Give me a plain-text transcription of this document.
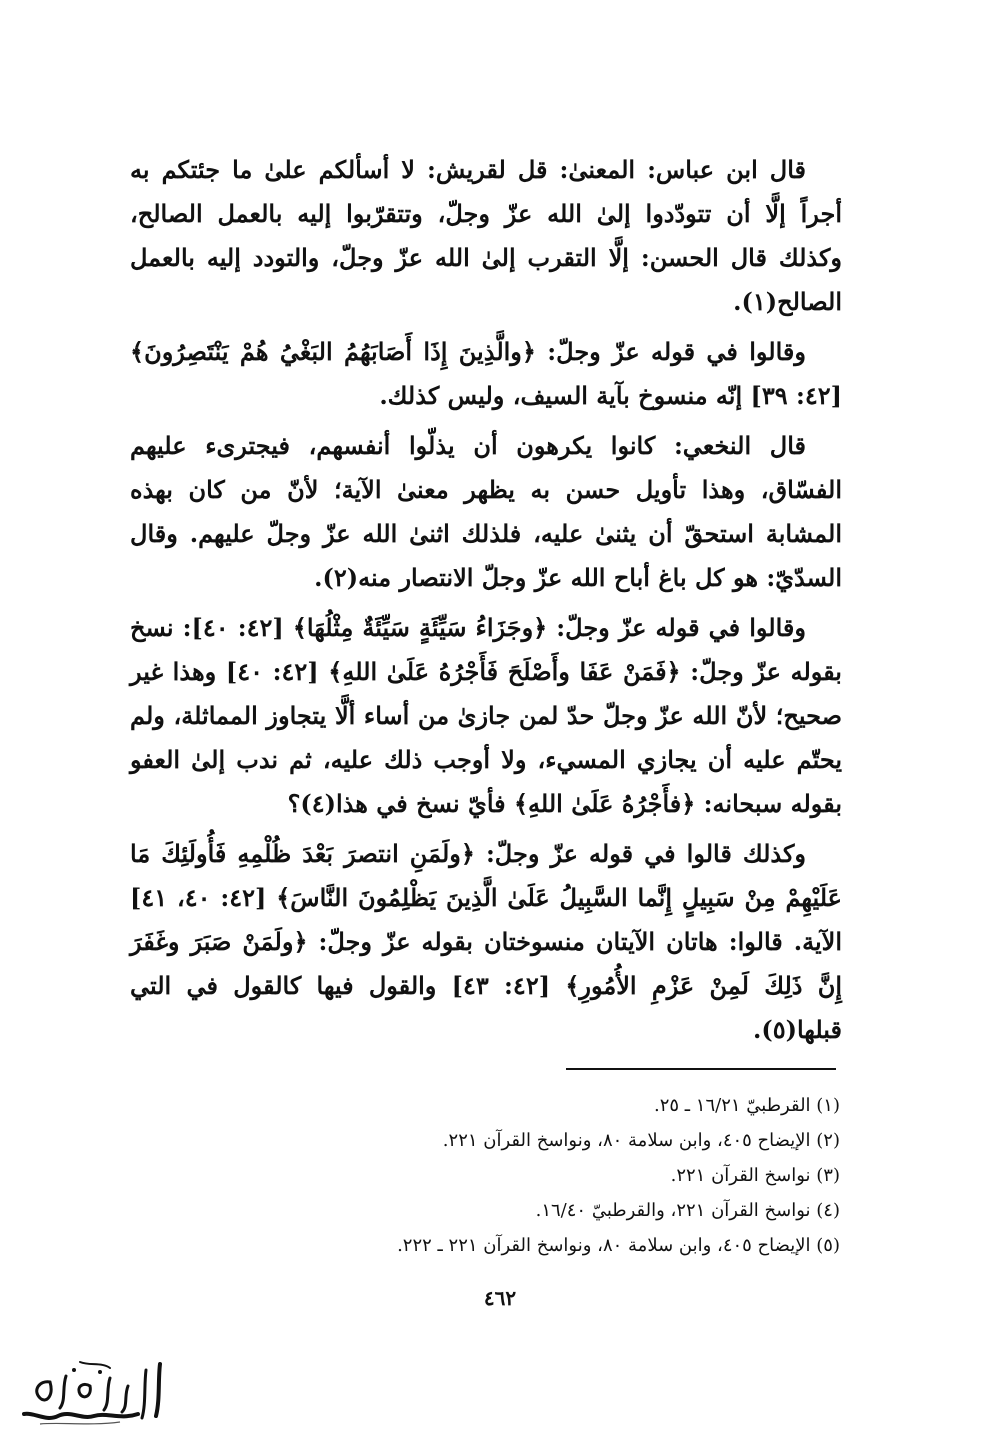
قال ابن عباس: المعنىٰ: قل لقريش: لا أسألكم علىٰ ما جئتكم به أجراً إلَّا أن تتودّدوا إلىٰ الله عزّ وجلّ، وتتقرّبوا إليه بالعمل الصالح، وكذلك قال الحسن: إلَّا التقرب إلىٰ الله عزّ وجلّ، والتودد إليه بالعمل الصالح(١).

وقالوا في قوله عزّ وجلّ: ﴿والَّذِينَ إِذَا أَصَابَهُمُ البَغْيُ هُمْ يَنْتَصِرُونَ﴾ [٤٢: ٣٩] إنّه منسوخ بآية السيف، وليس كذلك.

قال النخعي: كانوا يكرهون أن يذلّوا أنفسهم، فيجترىء عليهم الفسّاق، وهذا تأويل حسن به يظهر معنىٰ الآية؛ لأنّ من كان بهذه المشابة استحقّ أن يثنىٰ عليه، فلذلك اثنىٰ الله عزّ وجلّ عليهم. وقال السدّيّ: هو كل باغ أباح الله عزّ وجلّ الانتصار منه(٢).

وقالوا في قوله عزّ وجلّ: ﴿وجَزَاءُ سَيِّئَةٍ سَيِّئَةٌ مِثْلُهَا﴾ [٤٢: ٤٠]: نسخ بقوله عزّ وجلّ: ﴿فَمَنْ عَفَا وأَصْلَحَ فَأَجْرُهُ عَلَىٰ اللهِ﴾ [٤٢: ٤٠] وهذا غير صحيح؛ لأنّ الله عزّ وجلّ حدّ لمن جازىٰ من أساء ألَّا يتجاوز المماثلة، ولم يحتّم عليه أن يجازي المسيء، ولا أوجب ذلك عليه، ثم ندب إلىٰ العفو بقوله سبحانه: ﴿فأَجْرُهُ عَلَىٰ اللهِ﴾ فأيّ نسخ في هذا(٤)؟

وكذلك قالوا في قوله عزّ وجلّ: ﴿ولَمَنِ انتصرَ بَعْدَ ظُلْمِهِ فَأُولَئِكَ مَا عَلَيْهِمْ مِنْ سَبِيلٍ إِنَّما السَّبِيلُ عَلَىٰ الَّذِينَ يَظْلِمُونَ النَّاسَ﴾ [٤٢: ٤٠، ٤١] الآية. قالوا: هاتان الآيتان منسوختان بقوله عزّ وجلّ: ﴿ولَمَنْ صَبَرَ وغَفَرَ إِنَّ ذَلِكَ لَمِنْ عَزْمِ الأُمُورِ﴾ [٤٢: ٤٣] والقول فيها كالقول في التي قبلها(٥).

(١) القرطبيّ ١٦/٢١ ـ ٢٥.
(٢) الإيضاح ٤٠٥، وابن سلامة ٨٠، ونواسخ القرآن ٢٢١.
(٣) نواسخ القرآن ٢٢١.
(٤) نواسخ القرآن ٢٢١، والقرطبيّ ١٦/٤٠.
(٥) الإيضاح ٤٠٥، وابن سلامة ٨٠، ونواسخ القرآن ٢٢١ ـ ٢٢٢.
٤٦٢
